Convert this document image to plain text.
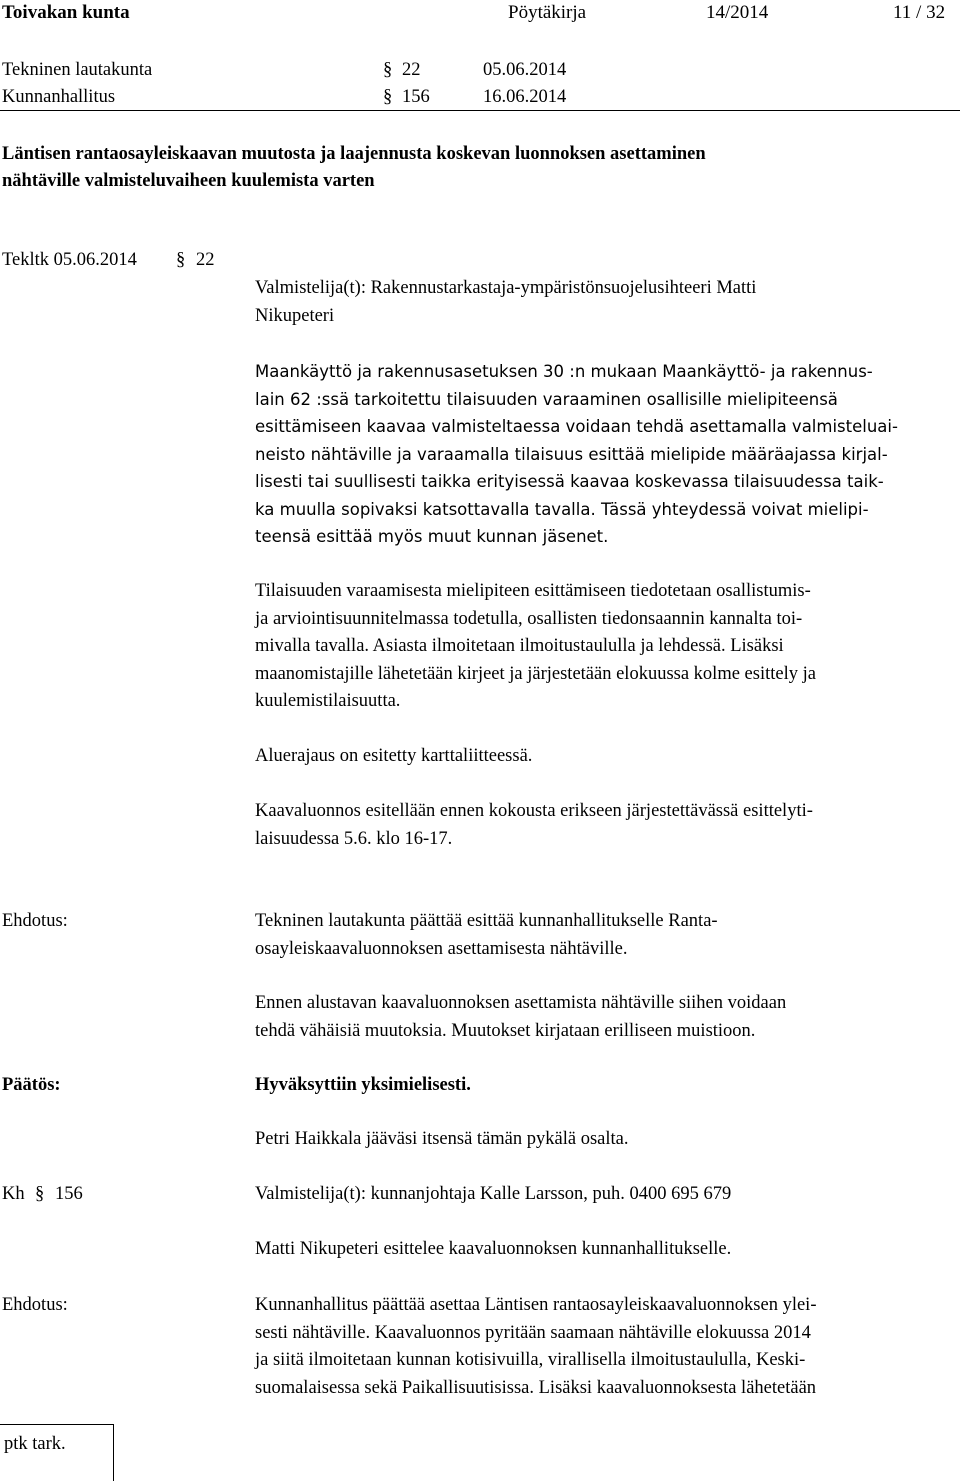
Toivakan kunta	Pöytäkirja	14/2014	11 / 32
Tekninen lautakunta	§ 22	05.06.2014
Kunnanhallitus	§ 156	16.06.2014
Läntisen rantaosayleiskaavan muutosta ja laajennusta koskevan luonnoksen asettaminen
nähtäville valmisteluvaiheen kuulemista varten
Tekltk 05.06.2014 § 22
Valmistelija(t): Rakennustarkastaja-ympäristönsuojelusihteeri Matti
Nikupeteri
Maankäyttö ja rakennusasetuksen 30 :n mukaan Maankäyttö- ja rakennus-
lain 62 :ssä tarkoitettu tilaisuuden varaaminen osallisille mielipiteensä
esittämiseen kaavaa valmisteltaessa voidaan tehdä asettamalla valmisteluai-
neisto nähtäville ja varaamalla tilaisuus esittää mielipide määräajassa kirjal-
lisesti tai suullisesti taikka erityisessä kaavaa koskevassa tilaisuudessa taik-
ka muulla sopivaksi katsottavalla tavalla. Tässä yhteydessä voivat mielipi-
teensä esittää myös muut kunnan jäsenet.
Tilaisuuden varaamisesta mielipiteen esittämiseen tiedotetaan osallistumis-
ja arviointisuunnitelmassa todetulla, osallisten tiedonsaannin kannalta toi-
mivalla tavalla. Asiasta ilmoitetaan ilmoitustaululla ja lehdessä. Lisäksi
maanomistajille lähetetään kirjeet ja järjestetään elokuussa kolme esittely ja
kuulemistilaisuutta.
Aluerajaus on esitetty karttaliitteessä.
Kaavaluonnos esitellään ennen kokousta erikseen järjestettävässä esittelyti-
laisuudessa 5.6. klo 16-17.
Ehdotus:	Tekninen lautakunta päättää esittää kunnanhallitukselle Ranta-
osayleiskaavaluonnoksen asettamisesta nähtäville.
Ennen alustavan kaavaluonnoksen asettamista nähtäville siihen voidaan
tehdä vähäisiä muutoksia. Muutokset kirjataan erilliseen muistioon.
Päätös:	Hyväksyttiin yksimielisesti.
Petri Haikkala jääväsi itsensä tämän pykälä osalta.
Kh § 156	Valmistelija(t): kunnanjohtaja Kalle Larsson, puh. 0400 695 679
Matti Nikupeteri esittelee kaavaluonnoksen kunnanhallitukselle.
Ehdotus:	Kunnanhallitus päättää asettaa Läntisen rantaosayleiskaavaluonnoksen ylei-
sesti nähtäville. Kaavaluonnos pyritään saamaan nähtäville elokuussa 2014
ja siitä ilmoitetaan kunnan kotisivuilla, virallisella ilmoitustaululla, Keski-
suomalaisessa sekä Paikallisuutisissa. Lisäksi kaavaluonnoksesta lähetetään
ptk tark.
